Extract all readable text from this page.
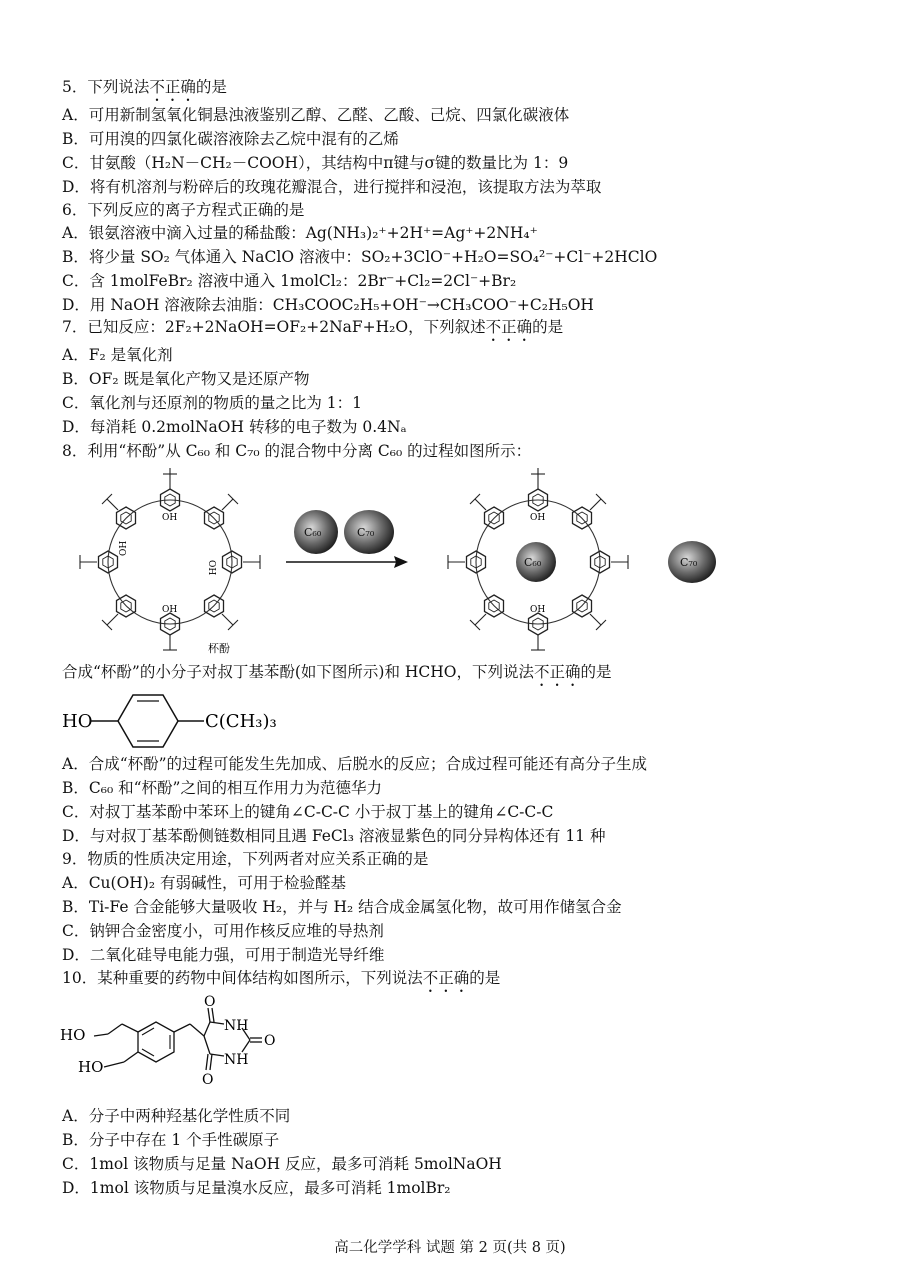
5．下列说法不正确的是
A．可用新制氢氧化铜悬浊液鉴别乙醇、乙醛、乙酸、己烷、四氯化碳液体
B．可用溴的四氯化碳溶液除去乙烷中混有的乙烯
C．甘氨酸（H₂N－CH₂－COOH），其结构中π键与σ键的数量比为 1：9
D．将有机溶剂与粉碎后的玫瑰花瓣混合，进行搅拌和浸泡，该提取方法为萃取
6．下列反应的离子方程式正确的是
A．银氨溶液中滴入过量的稀盐酸：Ag(NH₃)₂⁺+2H⁺=Ag⁺+2NH₄⁺
B．将少量 SO₂ 气体通入 NaClO 溶液中：SO₂+3ClO⁻+H₂O=SO₄²⁻+Cl⁻+2HClO
C．含 1molFeBr₂ 溶液中通入 1molCl₂：2Br⁻+Cl₂=2Cl⁻+Br₂
D．用 NaOH 溶液除去油脂：CH₃COOC₂H₅+OH⁻→CH₃COO⁻+C₂H₅OH
7．已知反应：2F₂+2NaOH=OF₂+2NaF+H₂O，下列叙述不正确的是
A．F₂ 是氧化剂
B．OF₂ 既是氧化产物又是还原产物
C．氧化剂与还原剂的物质的量之比为 1：1
D．每消耗 0.2molNaOH 转移的电子数为 0.4Nₐ
8．利用“杯酚”从 C₆₀ 和 C₇₀ 的混合物中分离 C₆₀ 的过程如图所示：
OH
OH
OH
OH
杯酚
C₆₀	C₇₀
OH
OH
C₆₀	C₇₀
合成“杯酚”的小分子对叔丁基苯酚(如下图所示)和 HCHO，下列说法不正确的是
HO	C(CH₃)₃
A．合成“杯酚”的过程可能发生先加成、后脱水的反应；合成过程可能还有高分子生成
B．C₆₀ 和“杯酚”之间的相互作用力为范德华力
C．对叔丁基苯酚中苯环上的键角∠C-C-C 小于叔丁基上的键角∠C-C-C
D．与对叔丁基苯酚侧链数相同且遇 FeCl₃ 溶液显紫色的同分异构体还有 11 种
9．物质的性质决定用途，下列两者对应关系正确的是
A．Cu(OH)₂ 有弱碱性，可用于检验醛基
B．Ti-Fe 合金能够大量吸收 H₂，并与 H₂ 结合成金属氢化物，故可用作储氢合金
C．钠钾合金密度小，可用作核反应堆的导热剂
D．二氧化硅导电能力强，可用于制造光导纤维
10．某种重要的药物中间体结构如图所示，下列说法不正确的是
HO
HO
NH
NH
O
O
O
A．分子中两种羟基化学性质不同
B．分子中存在 1 个手性碳原子
C．1mol 该物质与足量 NaOH 反应，最多可消耗 5molNaOH
D．1mol 该物质与足量溴水反应，最多可消耗 1molBr₂
高二化学学科 试题 第 2 页(共 8 页)
